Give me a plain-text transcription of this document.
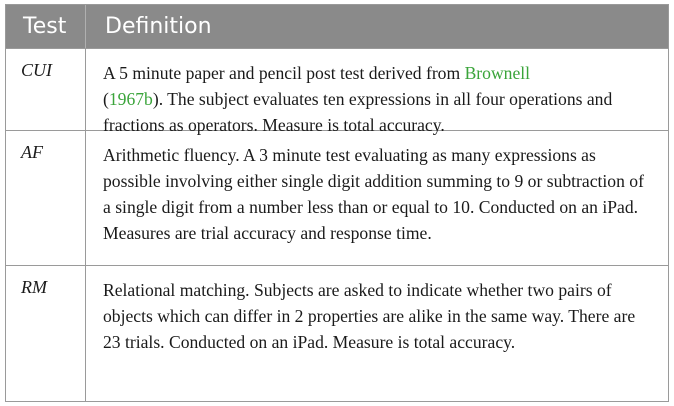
Test	Definition
CUI	A 5 minute paper and pencil post test derived from Brownell
(1967b). The subject evaluates ten expressions in all four operations and fractions as operators. Measure is total accuracy.
AF	Arithmetic fluency. A 3 minute test evaluating as many expressions as possible involving either single digit addition summing to 9 or subtraction of a single digit from a number less than or equal to 10. Conducted on an iPad. Measures are trial accuracy and response time.
RM	Relational matching. Subjects are asked to indicate whether two pairs of objects which can differ in 2 properties are alike in the same way. There are 23 trials. Conducted on an iPad. Measure is total accuracy.
